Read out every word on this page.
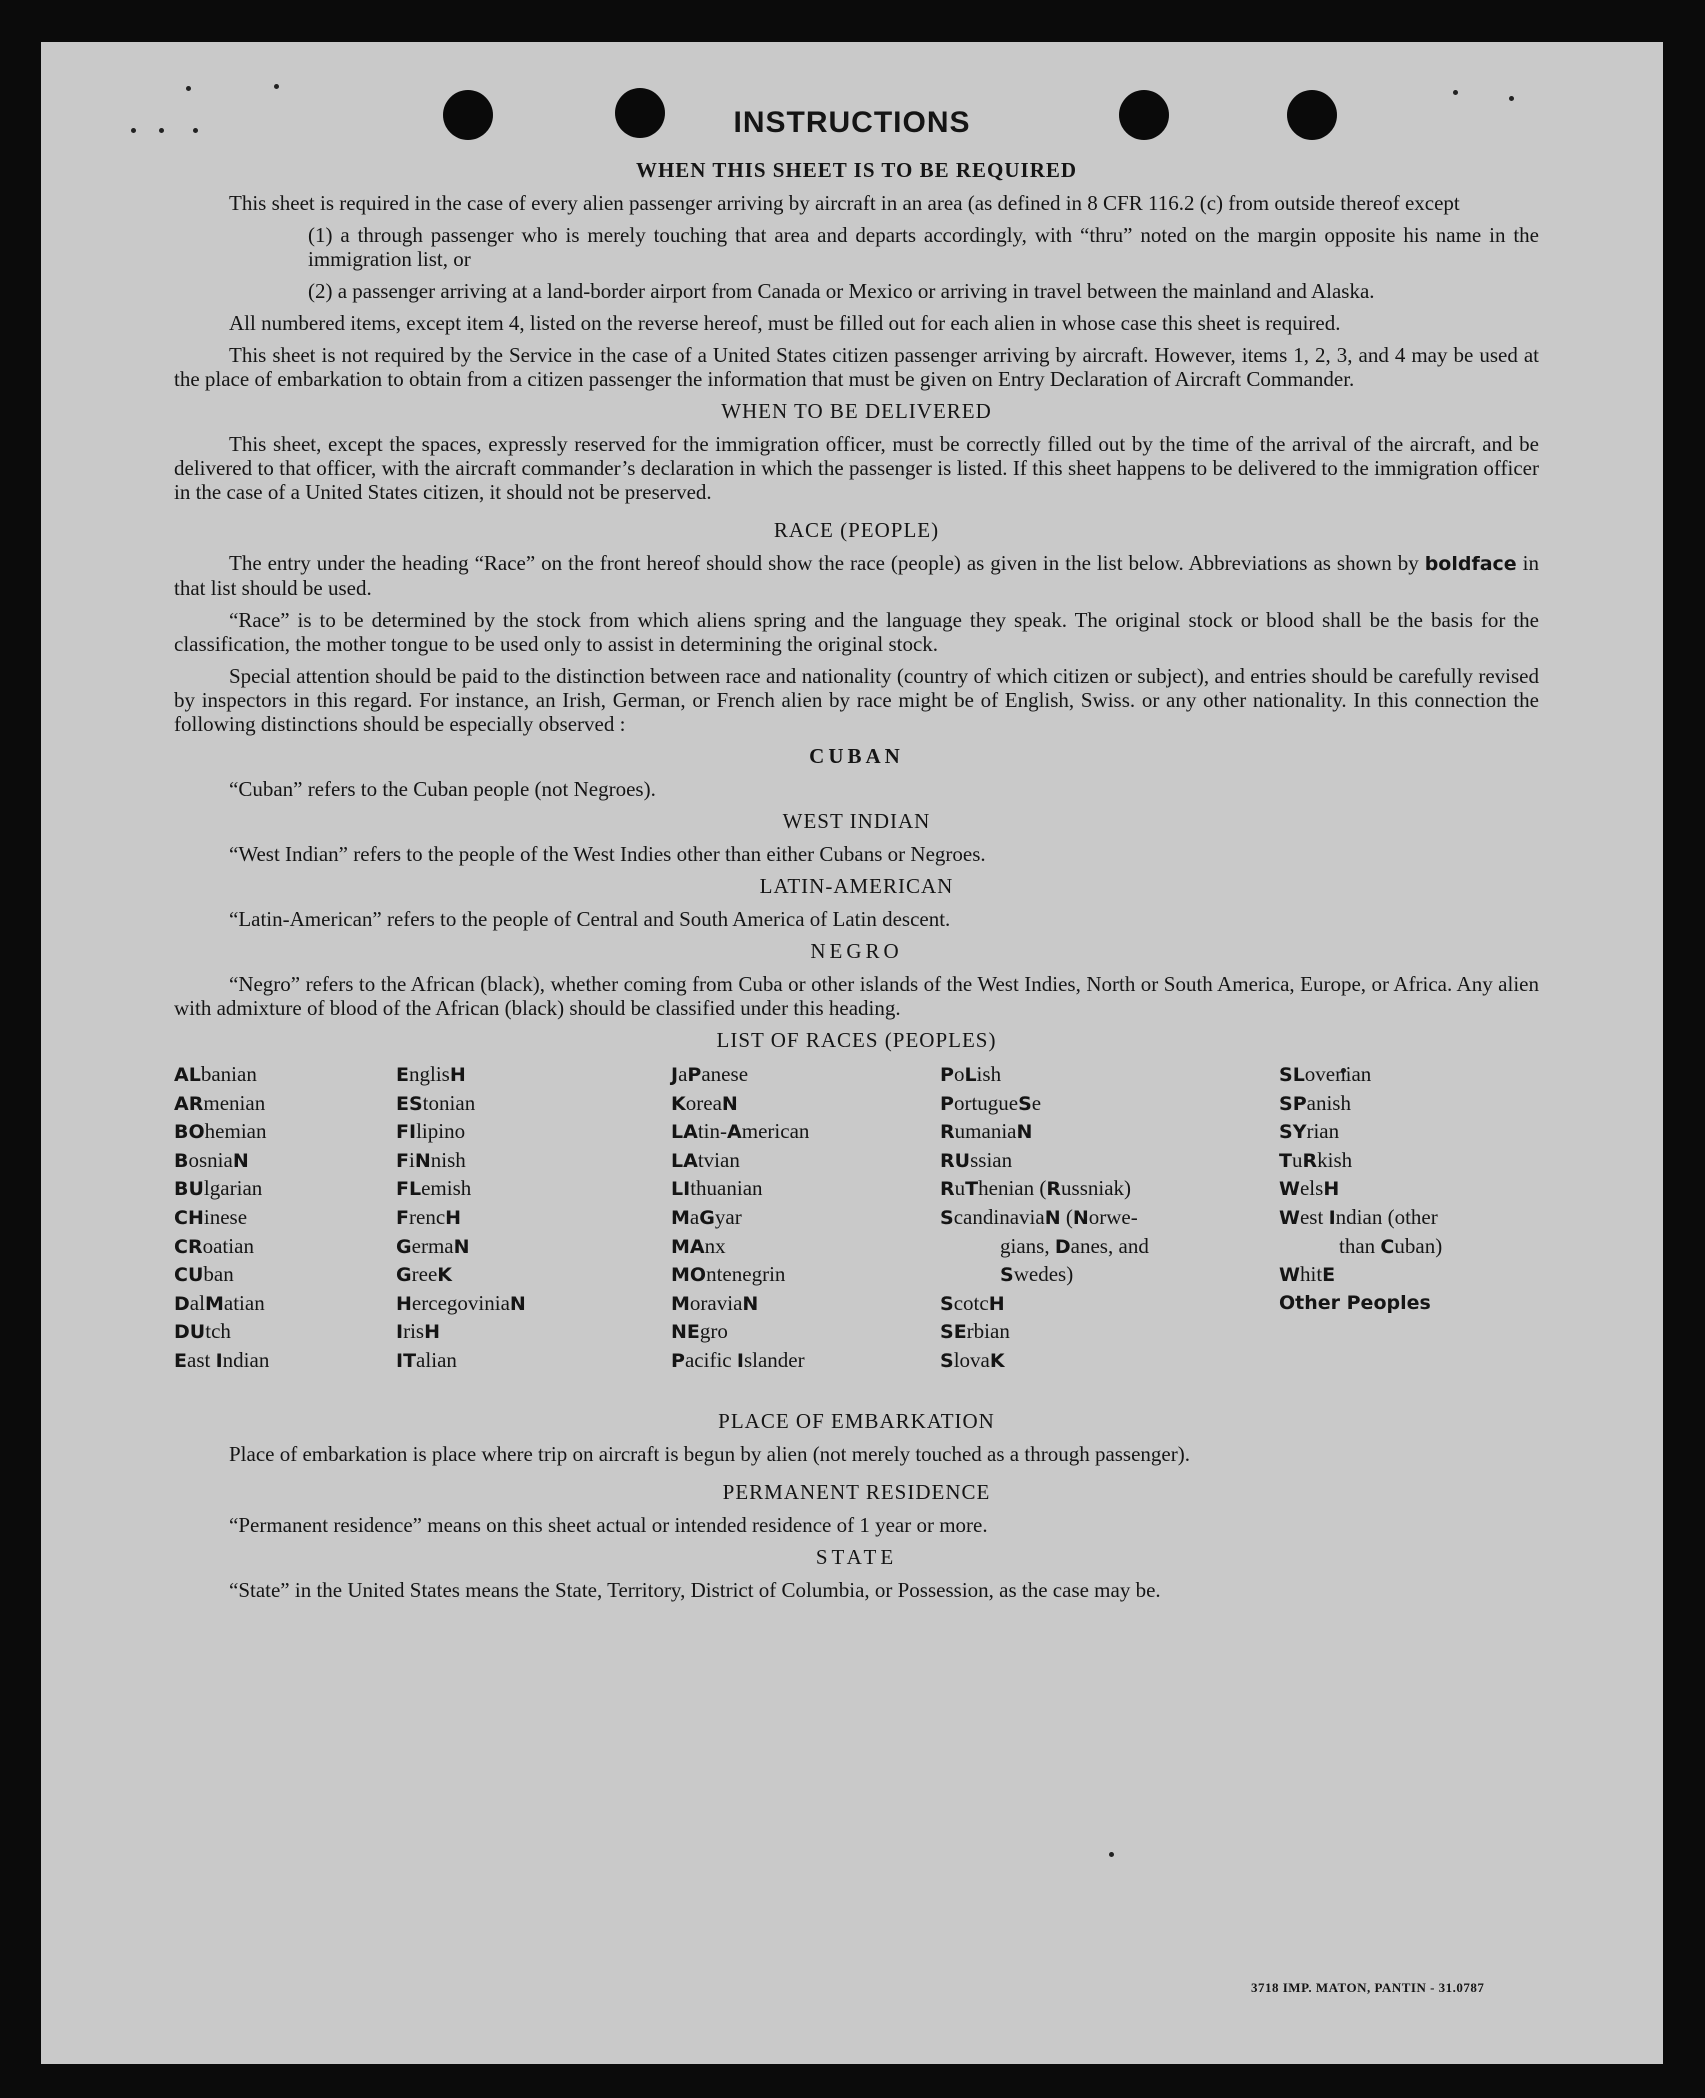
INSTRUCTIONS
WHEN THIS SHEET IS TO BE REQUIRED

This sheet is required in the case of every alien passenger arriving by aircraft in an area (as defined in 8 CFR 116.2 (c) from outside thereof except

(1) a through passenger who is merely touching that area and departs accordingly, with “thru” noted on the margin opposite his name in the immigration list, or

(2) a passenger arriving at a land-border airport from Canada or Mexico or arriving in travel between the mainland and Alaska.

All numbered items, except item 4, listed on the reverse hereof, must be filled out for each alien in whose case this sheet is required.

This sheet is not required by the Service in the case of a United States citizen passenger arriving by aircraft. However, items 1, 2, 3, and 4 may be used at the place of embarkation to obtain from a citizen passenger the information that must be given on Entry Declaration of Aircraft Commander.

WHEN TO BE DELIVERED

This sheet, except the spaces, expressly reserved for the immigration officer, must be correctly filled out by the time of the arrival of the aircraft, and be delivered to that officer, with the aircraft commander’s declaration in which the passenger is listed. If this sheet happens to be delivered to the immigration officer in the case of a United States citizen, it should not be preserved.

RACE (PEOPLE)

The entry under the heading “Race” on the front hereof should show the race (people) as given in the list below. Abbreviations as shown by boldface in that list should be used.

“Race” is to be determined by the stock from which aliens spring and the language they speak. The original stock or blood shall be the basis for the classification, the mother tongue to be used only to assist in determining the original stock.

Special attention should be paid to the distinction between race and nationality (country of which citizen or subject), and entries should be carefully revised by inspectors in this regard. For instance, an Irish, German, or French alien by race might be of English, Swiss. or any other nationality. In this connection the following distinctions should be especially observed :

CUBAN

“Cuban” refers to the Cuban people (not Negroes).

WEST INDIAN

“West Indian” refers to the people of the West Indies other than either Cubans or Negroes.

LATIN-AMERICAN

“Latin-American” refers to the people of Central and South America of Latin descent.

NEGRO

“Negro” refers to the African (black), whether coming from Cuba or other islands of the West Indies, North or South America, Europe, or Africa. Any alien with admixture of blood of the African (black) should be classified under this heading.

LIST OF RACES (PEOPLES)
ALbanian
ARmenian
BOhemian
BosniaN
BUlgarian
CHinese
CRoatian
CUban
DalMatian
DUtch
East Indian
EnglisH
EStonian
FIlipino
FiNnish
FLemish
FrencH
GermaN
GreeK
HercegoviniaN
IrisH
ITalian
JaPanese
KoreaN
LAtin-American
LAtvian
LIthuanian
MaGyar
MAnx
MOntenegrin
MoraviaN
NEgro
Pacific Islander
PoLish
PortugueSe
RumaniaN
RUssian
RuThenian (Russniak)
ScandinaviaN (Norwe-
gians, Danes, and
Swedes)
ScotcH
SErbian
SlovaK
SLovenian
SPanish
SYrian
TuRkish
WelsH
West Indian (other
than Cuban)
WhitE
Other Peoples
PLACE OF EMBARKATION

Place of embarkation is place where trip on aircraft is begun by alien (not merely touched as a through passenger).

PERMANENT RESIDENCE

“Permanent residence” means on this sheet actual or intended residence of 1 year or more.

STATE

“State” in the United States means the State, Territory, District of Columbia, or Possession, as the case may be.

3718 IMP. MATON, PANTIN - 31.0787
